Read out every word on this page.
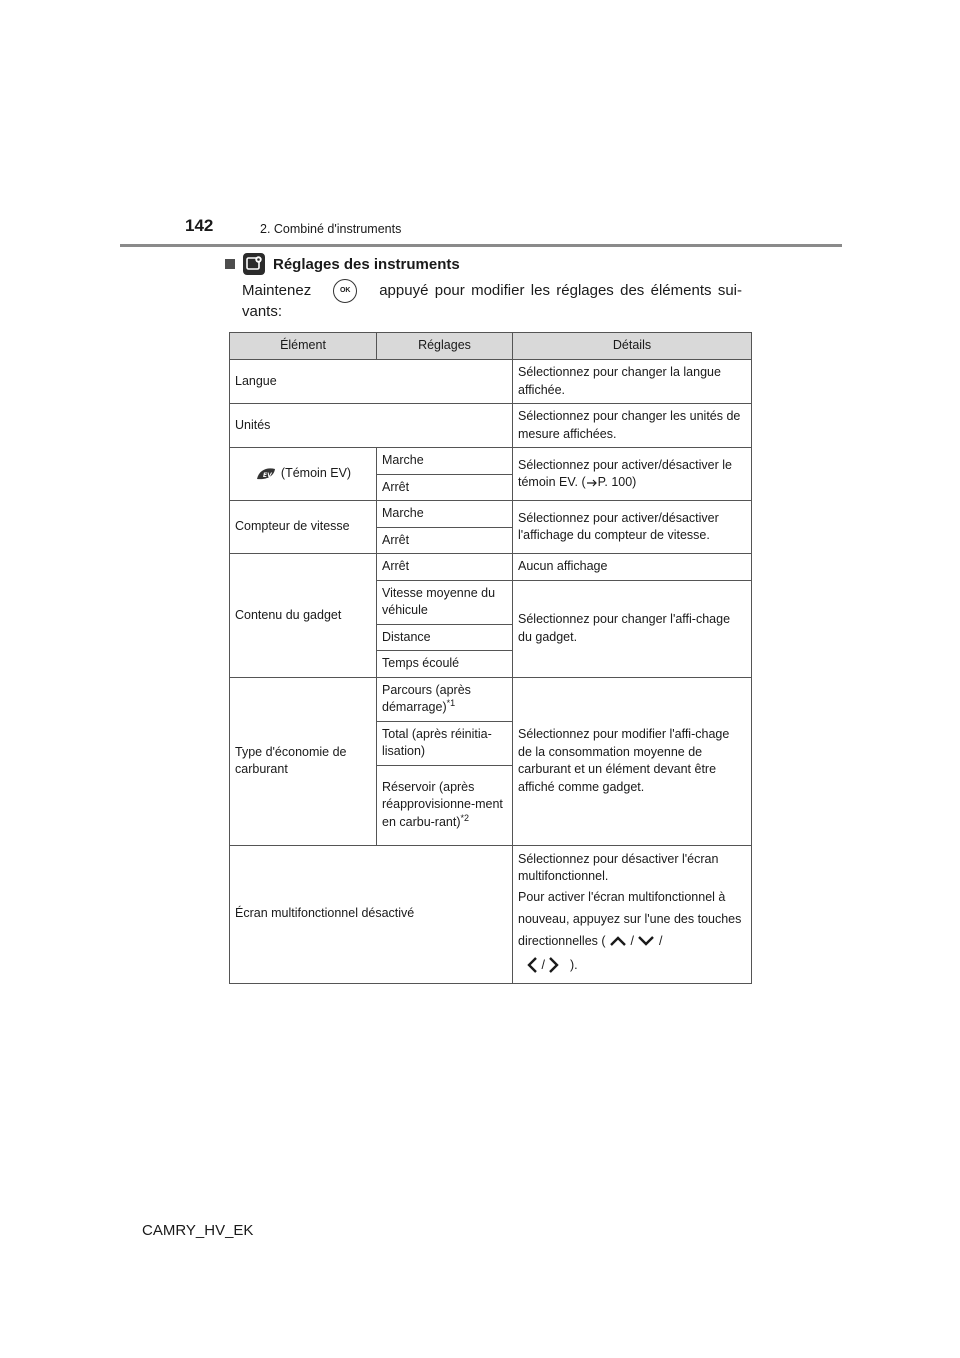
142	2. Combiné d'instruments
Réglages des instruments
Maintenez	OK	appuyé pour modifier les réglages des éléments sui-
vants:
Élément	Réglages	Détails
Langue		Sélectionnez pour changer la langue affichée.
Unités		Sélectionnez pour changer les unités de mesure affichées.

EV (Témoin EV)	Marche	Sélectionnez pour activer/désactiver le témoin EV. ( P. 100)
	Arrêt	
Compteur de vitesse	Marche	Sélectionnez pour activer/désactiver l'affichage du compteur de vitesse.
	Arrêt	
Contenu du gadget	Arrêt	Aucun affichage
	Vitesse moyenne du véhicule	Sélectionnez pour changer l'affi-chage du gadget.
	Distance	
	Temps écoulé	
Type d'économie de carburant	Parcours (après démarrage)$^{*1}$	Sélectionnez pour modifier l'affi-chage de la consommation moyenne de carburant et un élément devant être affiché comme gadget.
	Total (après réinitia-lisation)	
	Réservoir (après réapprovisionne-ment en carbu-rant)$^{*2}$
Écran multifonctionnel désactivé		Sélectionnez pour désactiver l'écran multifonctionnel.
Pour activer l'écran multifonctionnel à nouveau, appuyez sur l'une des touches directionnelles ( / /
/ ).
CAMRY_HV_EK
